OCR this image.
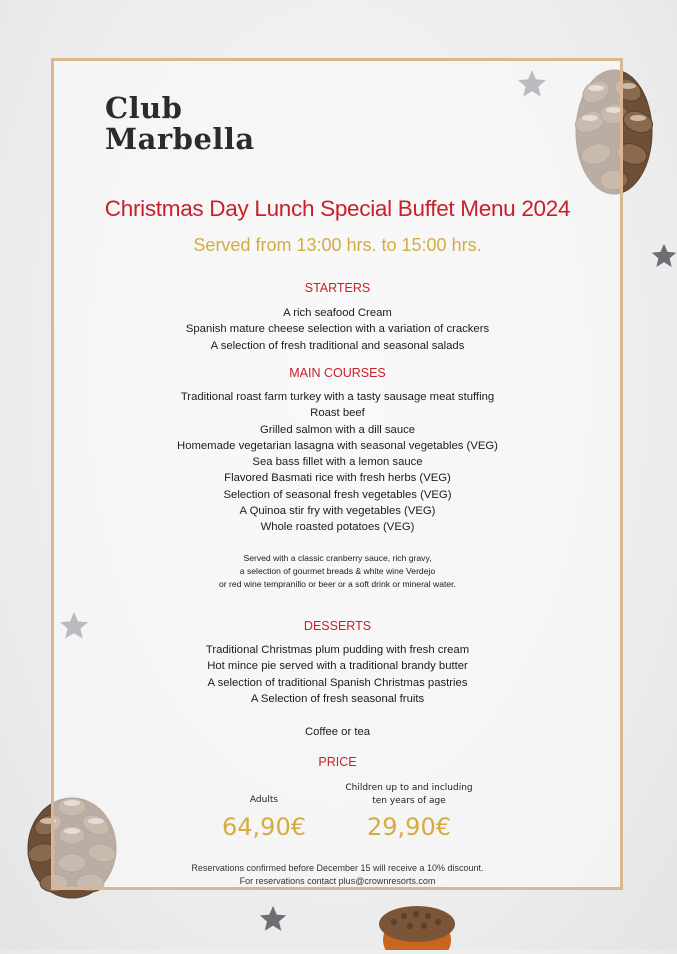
Club
Marbella
Christmas Day Lunch Special Buffet Menu 2024
Served from 13:00 hrs. to 15:00 hrs.
STARTERS
A rich seafood Cream
Spanish mature cheese selection with a variation of crackers
A selection of fresh traditional and seasonal salads
MAIN COURSES
Traditional roast farm turkey with a tasty sausage meat stuffing
Roast beef
Grilled salmon with a dill sauce
Homemade vegetarian lasagna with seasonal vegetables (VEG)
Sea bass fillet with a lemon sauce
Flavored Basmati rice with fresh herbs (VEG)
Selection of seasonal fresh vegetables (VEG)
A Quinoa stir fry with vegetables (VEG)
Whole roasted potatoes (VEG)
Served with a classic cranberry sauce, rich gravy,
a selection of gourmet breads & white wine Verdejo
or red wine tempranillo or beer or a soft drink or mineral water.
DESSERTS
Traditional Christmas plum pudding with fresh cream
Hot mince pie served with a traditional brandy butter
A selection of traditional Spanish Christmas pastries
A Selection of fresh seasonal fruits
Coffee or tea
PRICE
Adults
Children up to and including
ten years of age
64,90€	29,90€
Reservations confirmed before December 15 will receive a 10% discount.
For reservations contact plus@crownresorts.com
